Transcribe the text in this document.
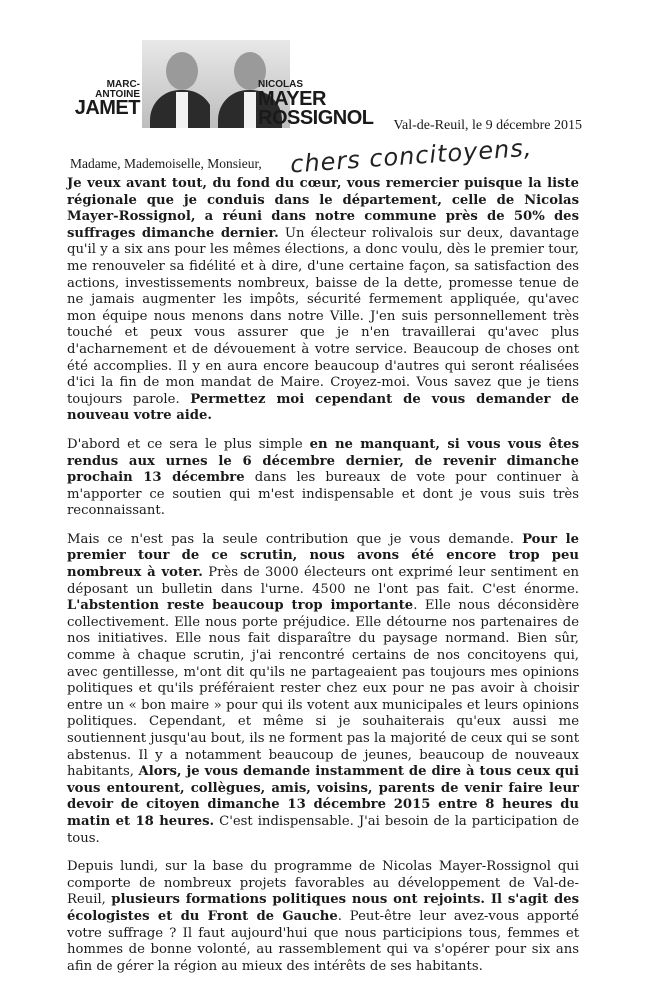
MARC-ANTOINE
JAMET
NICOLAS
MAYER ROSSIGNOL	Val-de-Reuil, le 9 décembre 2015
Madame, Mademoiselle, Monsieur, chers concitoyens,

Je veux avant tout, du fond du cœur, vous remercier puisque la liste régionale que je conduis dans le département, celle de Nicolas Mayer-Rossignol, a réuni dans notre commune près de 50% des suffrages dimanche dernier. Un électeur rolivalois sur deux, davantage qu'il y a six ans pour les mêmes élections, a donc voulu, dès le premier tour, me renouveler sa fidélité et à dire, d'une certaine façon, sa satisfaction des actions, investissements nombreux, baisse de la dette, promesse tenue de ne jamais augmenter les impôts, sécurité fermement appliquée, qu'avec mon équipe nous menons dans notre Ville. J'en suis personnellement très touché et peux vous assurer que je n'en travaillerai qu'avec plus d'acharnement et de dévouement à votre service. Beaucoup de choses ont été accomplies. Il y en aura encore beaucoup d'autres qui seront réalisées d'ici la fin de mon mandat de Maire. Croyez-moi. Vous savez que je tiens toujours parole. Permettez moi cependant de vous demander de nouveau votre aide.

D'abord et ce sera le plus simple en ne manquant, si vous vous êtes rendus aux urnes le 6 décembre dernier, de revenir dimanche prochain 13 décembre dans les bureaux de vote pour continuer à m'apporter ce soutien qui m'est indispensable et dont je vous suis très reconnaissant.

Mais ce n'est pas la seule contribution que je vous demande. Pour le premier tour de ce scrutin, nous avons été encore trop peu nombreux à voter. Près de 3000 électeurs ont exprimé leur sentiment en déposant un bulletin dans l'urne. 4500 ne l'ont pas fait. C'est énorme. L'abstention reste beaucoup trop importante. Elle nous déconsidère collectivement. Elle nous porte préjudice. Elle détourne nos partenaires de nos initiatives. Elle nous fait disparaître du paysage normand. Bien sûr, comme à chaque scrutin, j'ai rencontré certains de nos concitoyens qui, avec gentillesse, m'ont dit qu'ils ne partageaient pas toujours mes opinions politiques et qu'ils préféraient rester chez eux pour ne pas avoir à choisir entre un « bon maire » pour qui ils votent aux municipales et leurs opinions politiques. Cependant, et même si je souhaiterais qu'eux aussi me soutiennent jusqu'au bout, ils ne forment pas la majorité de ceux qui se sont abstenus. Il y a notamment beaucoup de jeunes, beaucoup de nouveaux habitants, Alors, je vous demande instamment de dire à tous ceux qui vous entourent, collègues, amis, voisins, parents de venir faire leur devoir de citoyen dimanche 13 décembre 2015 entre 8 heures du matin et 18 heures. C'est indispensable. J'ai besoin de la participation de tous.

Depuis lundi, sur la base du programme de Nicolas Mayer-Rossignol qui comporte de nombreux projets favorables au développement de Val-de-Reuil, plusieurs formations politiques nous ont rejoints. Il s'agit des écologistes et du Front de Gauche. Peut-être leur avez-vous apporté votre suffrage ? Il faut aujourd'hui que nous participions tous, femmes et hommes de bonne volonté, au rassemblement qui va s'opérer pour six ans afin de gérer la région au mieux des intérêts de ses habitants.
